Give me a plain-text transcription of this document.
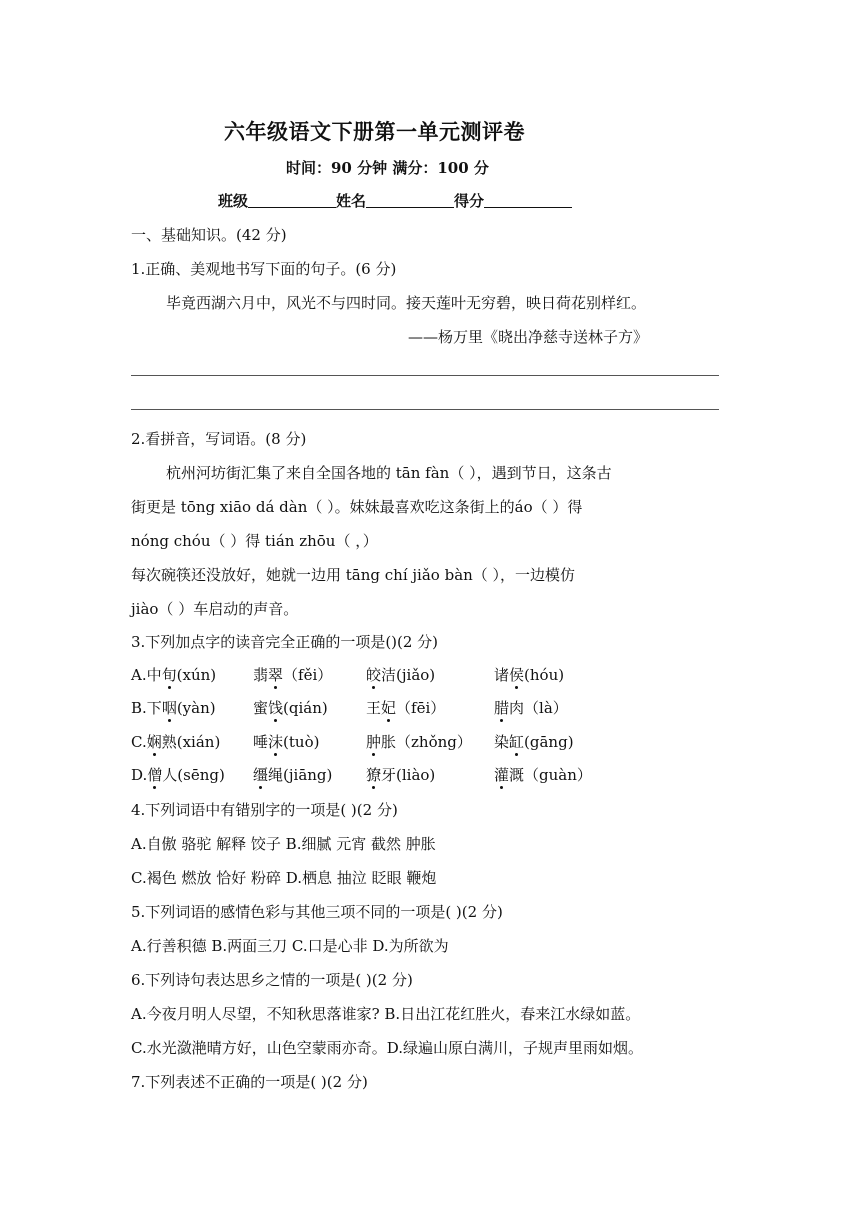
六年级语文下册第一单元测评卷
时间：90 分钟 满分：100 分
班级	姓名	得分
一、基础知识。(42 分)
1.正确、美观地书写下面的句子。(6 分)
毕竟西湖六月中，风光不与四时同。接天莲叶无穷碧，映日荷花别样红。
——杨万里《晓出净慈寺送林子方》
2.看拼音，写词语。(8 分)
杭州河坊街汇集了来自全国各地的 tān fàn（ ），遇到节日，这条古
街更是 tōng xiāo dá dàn（ ）。妹妹最喜欢吃这条街上的áo（ ）得
nóng chóu（ ）得 tián zhōu（ ，）
每次碗筷还没放好，她就一边用 tāng chí jiǎo bàn（ ），一边模仿
jiào（ ）车启动的声音。
3.下列加点字的读音完全正确的一项是()(2 分)
A.中旬(xún) 翡翠（fěi） 皎洁(jiǎo)	诸侯(hóu)
B.下咽(yàn) 蜜饯(qián)	王妃（fēi）	腊肉（là）
C.娴熟(xián) 唾沫(tuò)	肿胀（zhǒng） 染缸(gāng)
D.僧人(sēng) 缰绳(jiāng) 獠牙(liào)	灌溉（guàn）
4.下列词语中有错别字的一项是( )(2 分)
A.自傲 骆驼 解释 饺子 B.细腻 元宵 截然 肿胀
C.褐色 燃放 恰好 粉碎 D.栖息 抽泣 眨眼 鞭炮
5.下列词语的感情色彩与其他三项不同的一项是( )(2 分)
A.行善积德 B.两面三刀 C.口是心非 D.为所欲为
6.下列诗句表达思乡之情的一项是( )(2 分)
A.今夜月明人尽望，不知秋思落谁家? B.日出江花红胜火，春来江水绿如蓝。
C.水光潋滟晴方好，山色空蒙雨亦奇。D.绿遍山原白满川，子规声里雨如烟。
7.下列表述不正确的一项是( )(2 分)
